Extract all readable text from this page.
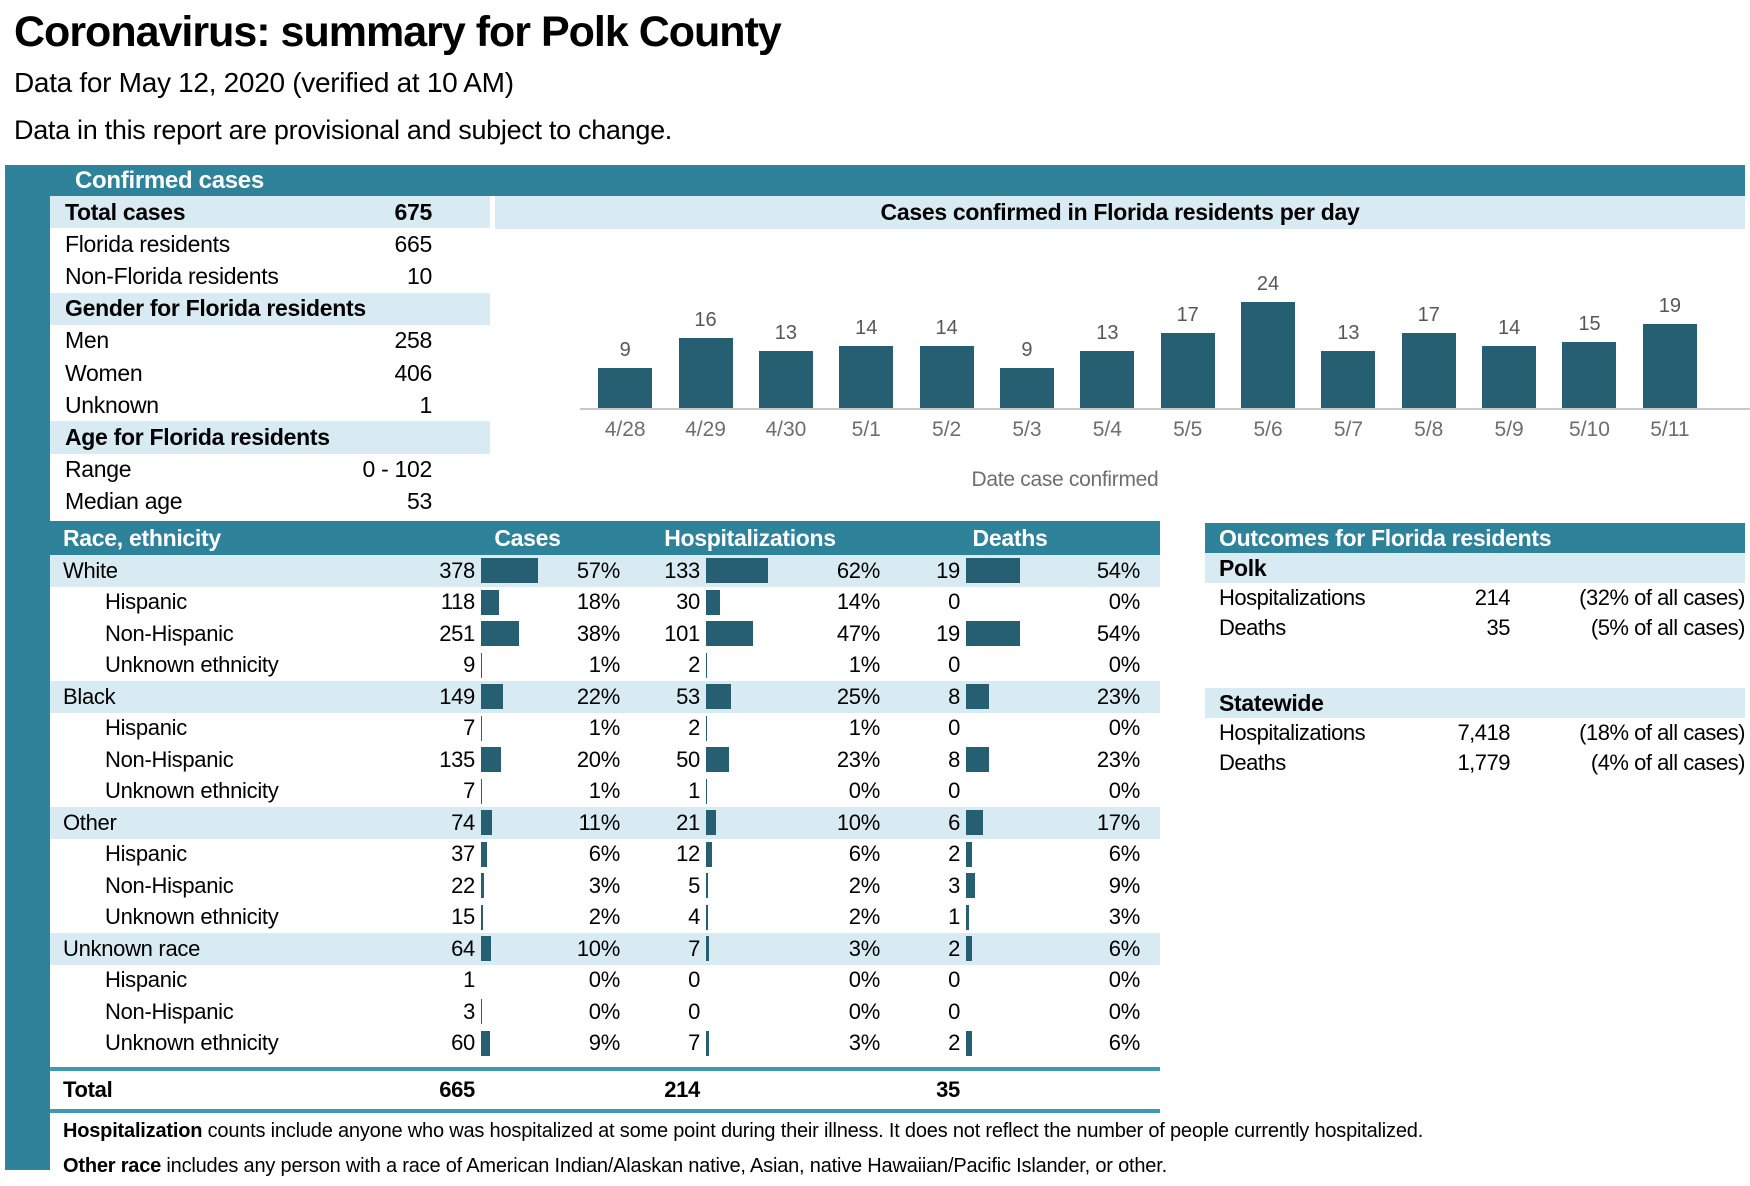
Coronavirus: summary for Polk County
Data for May 12, 2020 (verified at 10 AM)
Data in this report are provisional and subject to change.
Confirmed cases
Total cases	675
Florida residents	665
Non-Florida residents	10
Gender for Florida residents
Men	258
Women	406
Unknown	1
Age for Florida residents
Range	0 - 102
Median age	53
Cases confirmed in Florida residents per day
9
16
13	14	14
9
13
17
24
13
17
14	15
19
4/28	4/29	4/30	5/1	5/2	5/3	5/4	5/5	5/6	5/7	5/8	5/9	5/10	5/11
Date case confirmed
Race, ethnicity	Cases	Hospitalizations	Deaths
White	378	57%	133	62%	19	54%
Hispanic	118	18%	30	14%	0	0%
Non-Hispanic	251	38%	101	47%	19	54%
Unknown ethnicity	9	1%	2	1%	0	0%
Black	149	22%	53	25%	8	23%
Hispanic	7	1%	2	1%	0	0%
Non-Hispanic	135	20%	50	23%	8	23%
Unknown ethnicity	7	1%	1	0%	0	0%
Other	74	11%	21	10%	6	17%
Hispanic	37	6%	12	6%	2	6%
Non-Hispanic	22	3%	5	2%	3	9%
Unknown ethnicity	15	2%	4	2%	1	3%
Unknown race	64	10%	7	3%	2	6%
Hispanic	1	0%	0	0%	0	0%
Non-Hispanic	3	0%	0	0%	0	0%
Unknown ethnicity	60	9%	7	3%	2	6%
Total	665	214	35
Outcomes for Florida residents
Polk
Hospitalizations	214	(32% of all cases)
Deaths	35	(5% of all cases)
Statewide
Hospitalizations	7,418	(18% of all cases)
Deaths	1,779	(4% of all cases)
Hospitalization counts include anyone who was hospitalized at some point during their illness. It does not reflect the number of people currently hospitalized.
Other race includes any person with a race of American Indian/Alaskan native, Asian, native Hawaiian/Pacific Islander, or other.
